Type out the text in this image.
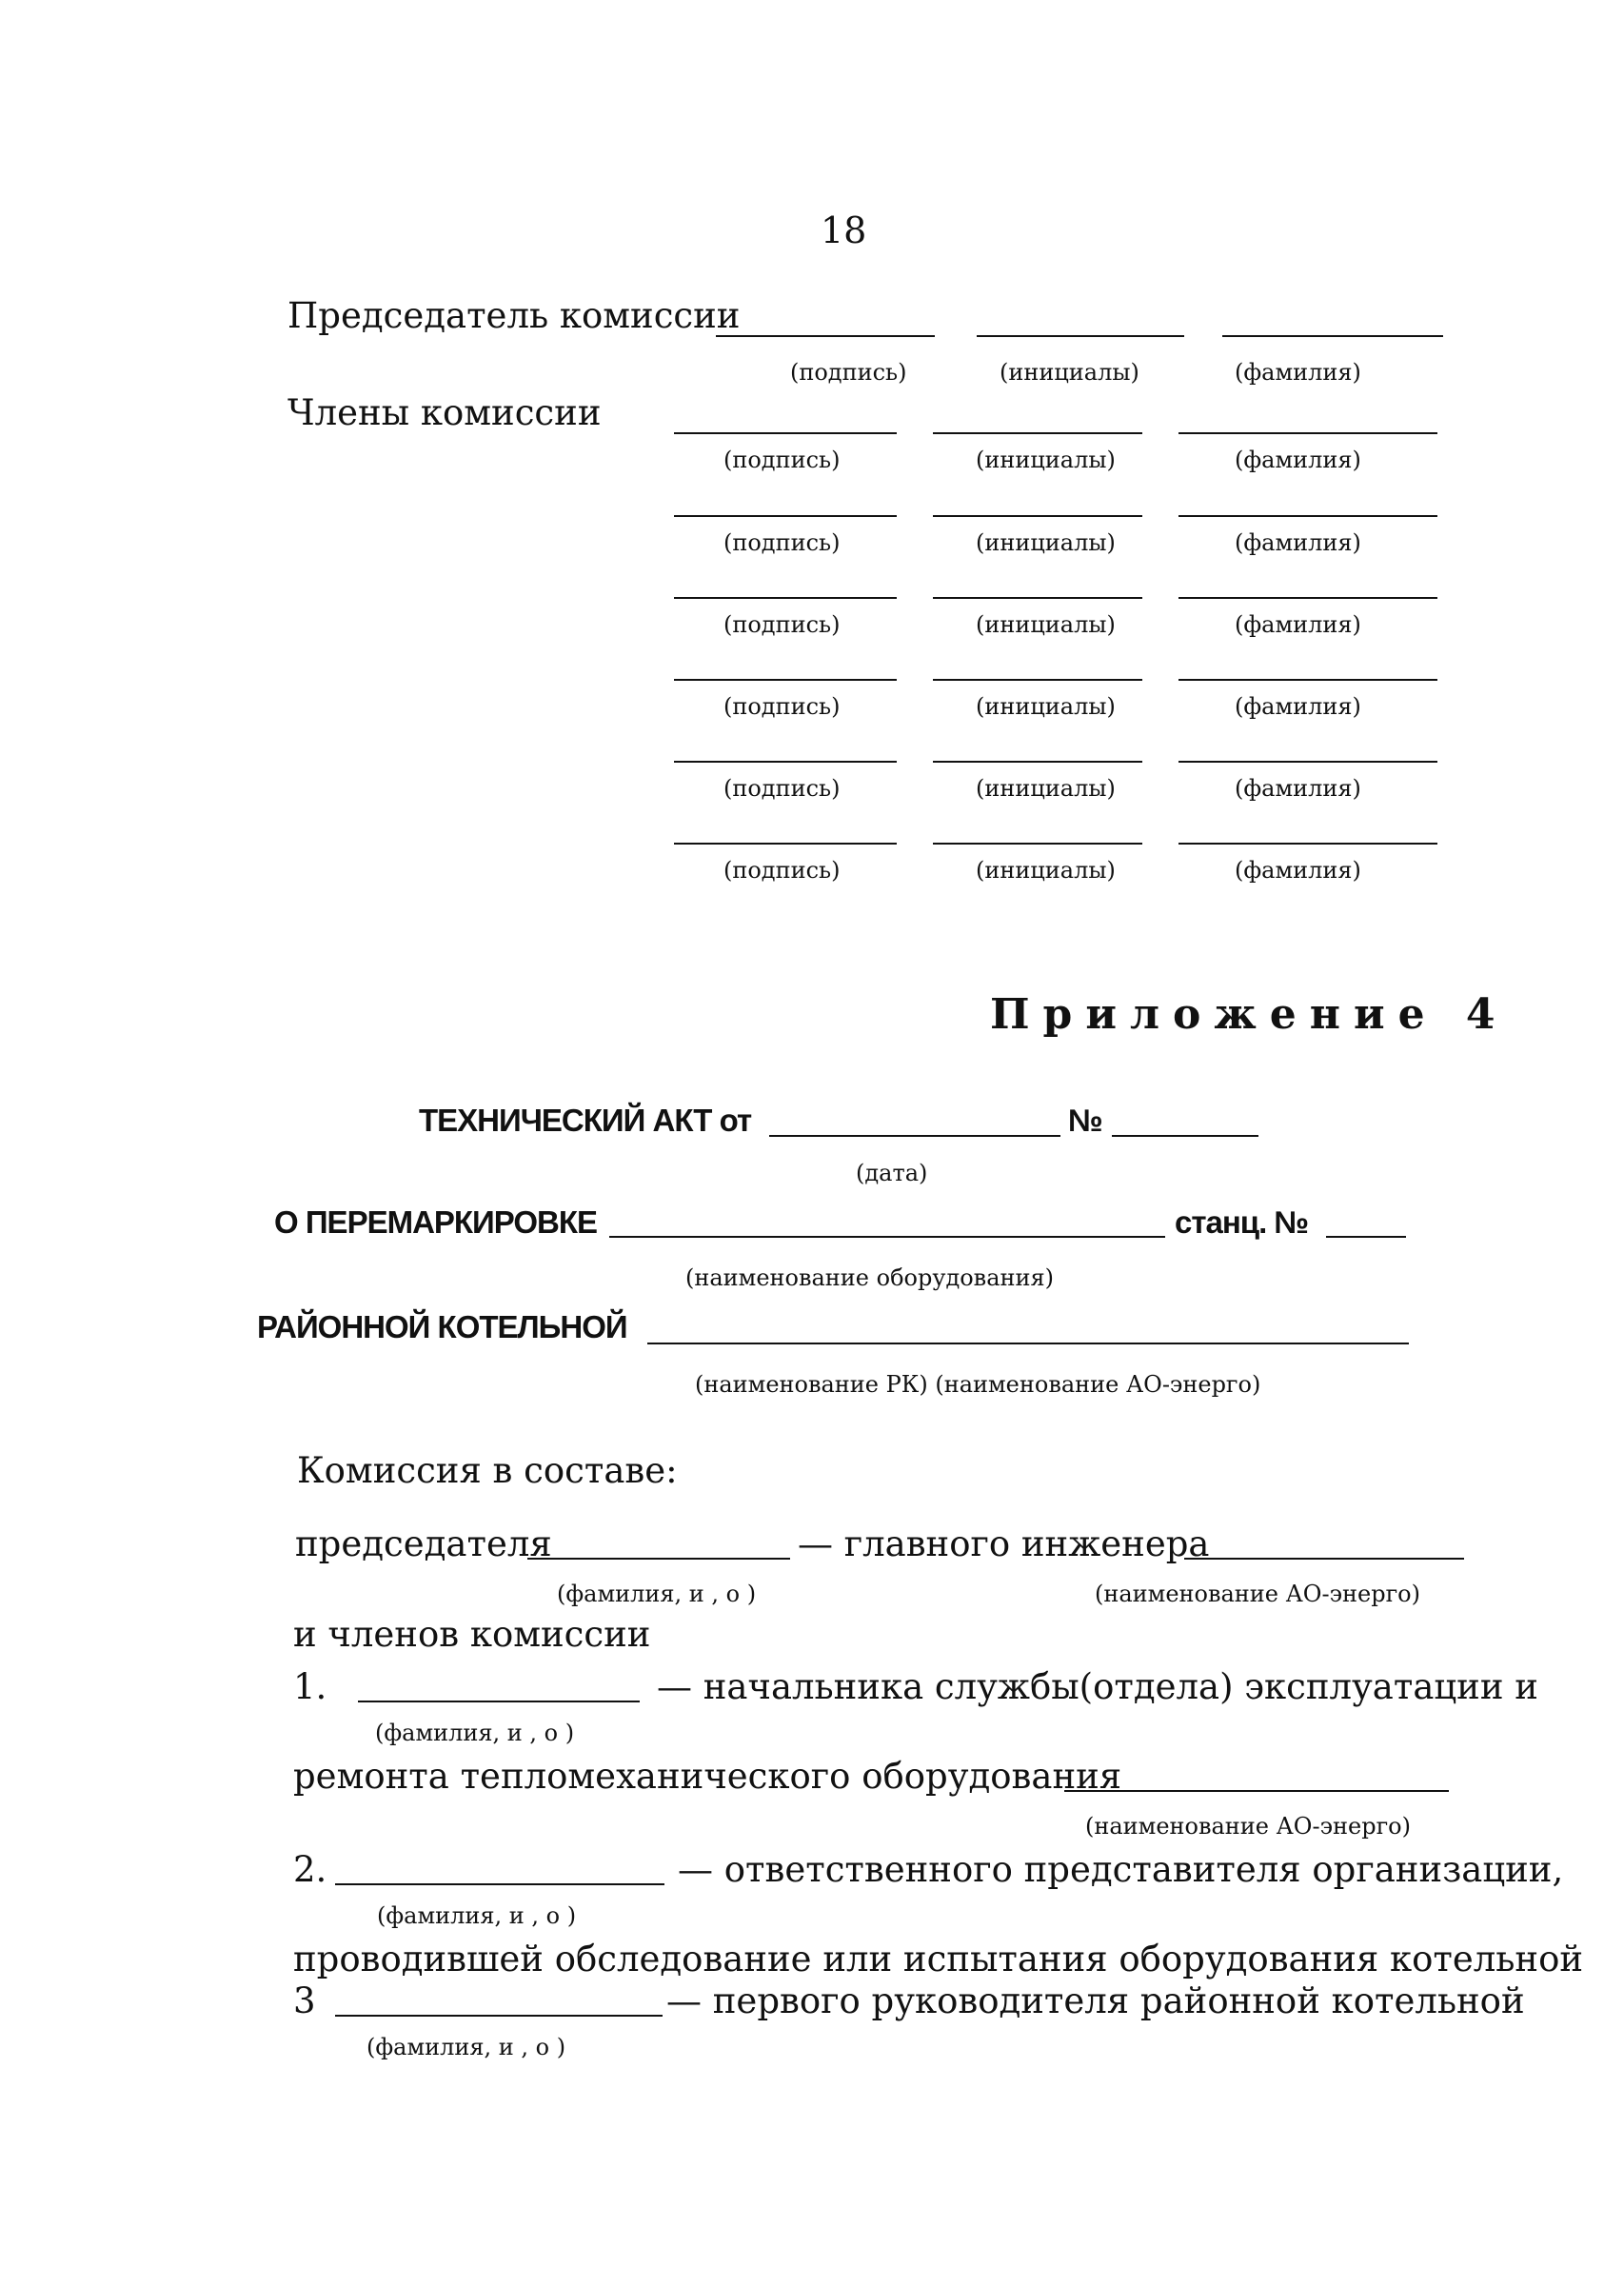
18
Председатель комиссии
(подпись)	(инициалы)	(фамилия)
Члены комиссии
(подпись)	(инициалы)	(фамилия)
(подпись)	(инициалы)	(фамилия)
(подпись)	(инициалы)	(фамилия)
(подпись)	(инициалы)	(фамилия)
(подпись)	(инициалы)	(фамилия)
(подпись)	(инициалы)	(фамилия)
Приложение 4
ТЕХНИЧЕСКИЙ АКТ от	№
(дата)
О ПЕРЕМАРКИРОВКЕ	станц. №
(наименование оборудования)
РАЙОННОЙ КОТЕЛЬНОЙ
(наименование РК) (наименование АО-энерго)
Комиссия в составе:
председателя	— главного инженера
(фамилия, и , о )	(наименование АО-энерго)
и членов комиссии
1.	— начальника службы(отдела) эксплуатации и
(фамилия, и , о )
ремонта тепломеханического оборудования
(наименование АО-энерго)
2.	— ответственного представителя организации,
(фамилия, и , о )
проводившей обследование или испытания оборудования котельной
3	— первого руководителя районной котельной
(фамилия, и , о )
